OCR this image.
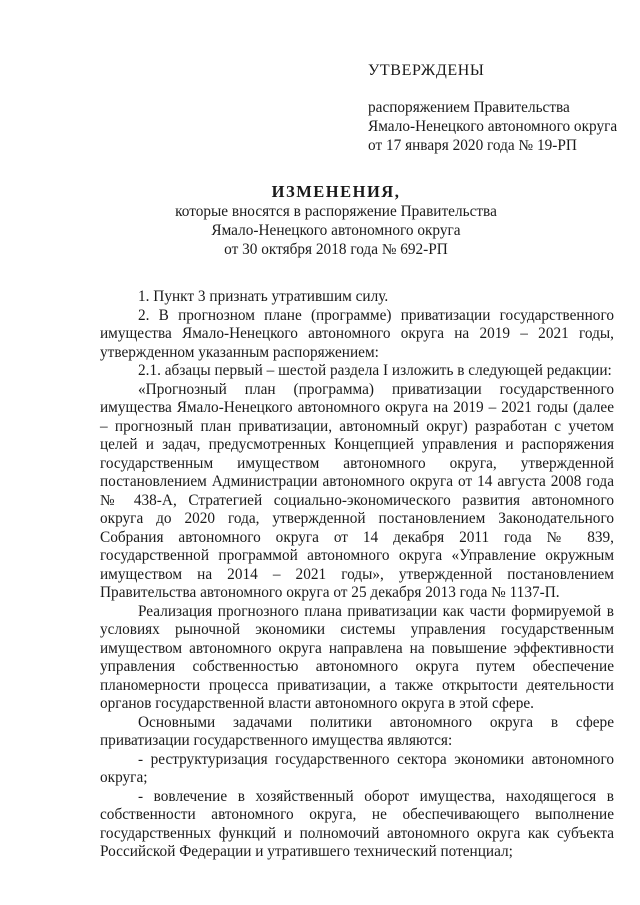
УТВЕРЖДЕНЫ
распоряжением Правительства
Ямало-Ненецкого автономного округа
от 17 января 2020 года № 19-РП
ИЗМЕНЕНИЯ,
которые вносятся в распоряжение Правительства
Ямало-Ненецкого автономного округа
от 30 октября 2018 года № 692-РП

1. Пункт 3 признать утратившим силу.

2. В прогнозном плане (программе) приватизации государственного имущества Ямало-Ненецкого автономного округа на 2019 – 2021 годы, утвержденном указанным распоряжением:

2.1. абзацы первый – шестой раздела I изложить в следующей редакции:

«Прогнозный план (программа) приватизации государственного имущества Ямало-Ненецкого автономного округа на 2019 – 2021 годы (далее – прогнозный план приватизации, автономный округ) разработан с учетом целей и задач, предусмотренных Концепцией управления и распоряжения государственным имуществом автономного округа, утвержденной постановлением Администрации автономного округа от 14 августа 2008 года № 438-А, Стратегией социально-экономического развития автономного округа до 2020 года, утвержденной постановлением Законодательного Собрания автономного округа от 14 декабря 2011 года № 839, государственной программой автономного округа «Управление окружным имуществом на 2014 – 2021 годы», утвержденной постановлением Правительства автономного округа от 25 декабря 2013 года № 1137-П.

Реализация прогнозного плана приватизации как части формируемой в условиях рыночной экономики системы управления государственным имуществом автономного округа направлена на повышение эффективности управления собственностью автономного округа путем обеспечение планомерности процесса приватизации, а также открытости деятельности органов государственной власти автономного округа в этой сфере.

Основными задачами политики автономного округа в сфере приватизации государственного имущества являются:

- реструктуризация государственного сектора экономики автономного округа;

- вовлечение в хозяйственный оборот имущества, находящегося в собственности автономного округа, не обеспечивающего выполнение государственных функций и полномочий автономного округа как субъекта Российской Федерации и утратившего технический потенциал;
